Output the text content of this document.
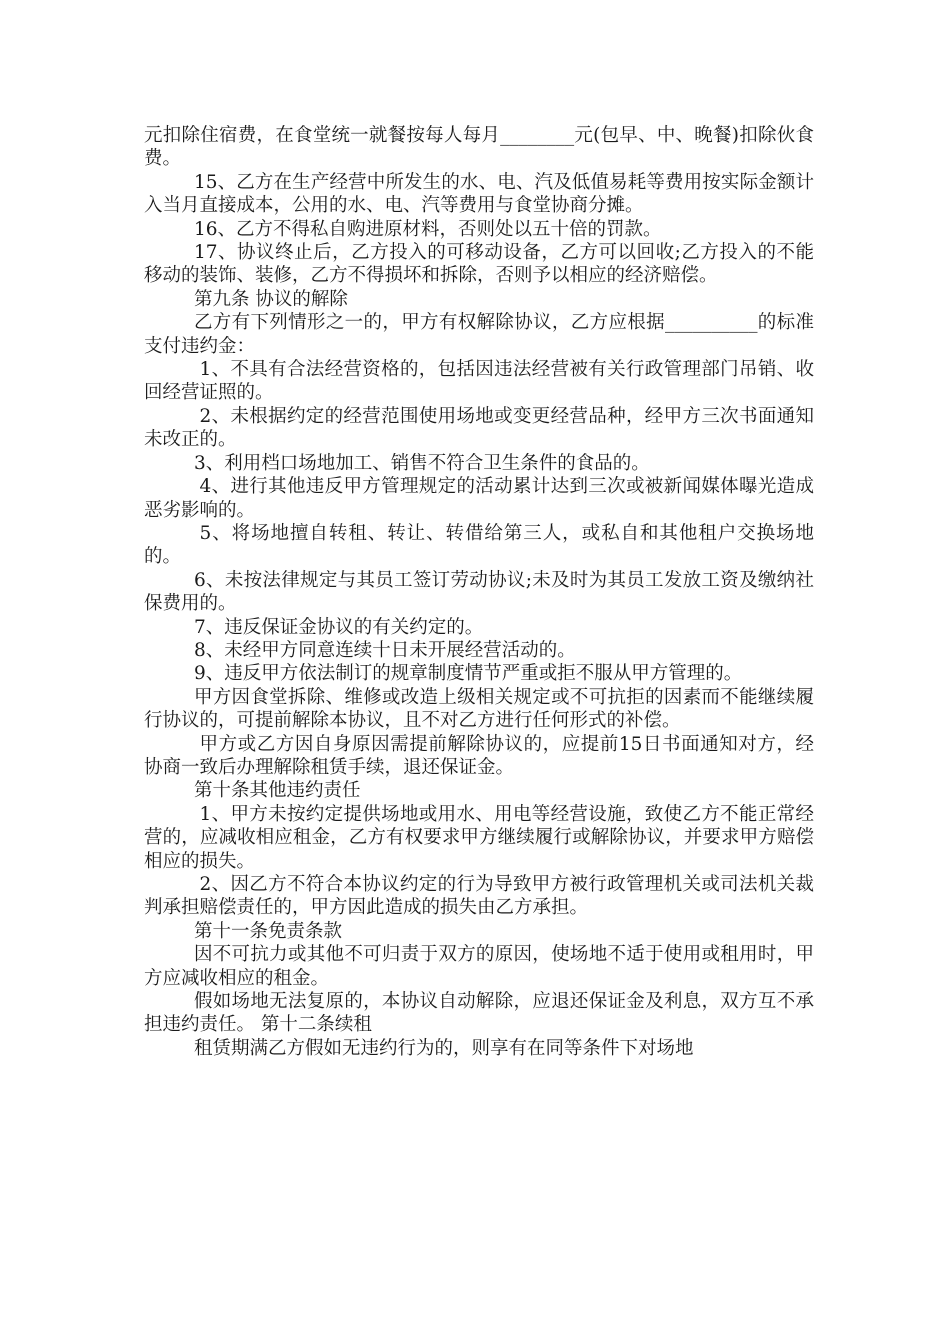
元扣除住宿费，在食堂统一就餐按每人每月________元(包早、中、晚餐)扣除伙食费。

15、乙方在生产经营中所发生的水、电、汽及低值易耗等费用按实际金额计入当月直接成本，公用的水、电、汽等费用与食堂协商分摊。

16、乙方不得私自购进原材料，否则处以五十倍的罚款。

17、协议终止后，乙方投入的可移动设备，乙方可以回收;乙方投入的不能移动的装饰、装修，乙方不得损坏和拆除，否则予以相应的经济赔偿。

第九条 协议的解除

乙方有下列情形之一的，甲方有权解除协议，乙方应根据__________的标准支付违约金：

1、不具有合法经营资格的，包括因违法经营被有关行政管理部门吊销、收回经营证照的。

2、未根据约定的经营范围使用场地或变更经营品种，经甲方三次书面通知未改正的。

3、利用档口场地加工、销售不符合卫生条件的食品的。

4、进行其他违反甲方管理规定的活动累计达到三次或被新闻媒体曝光造成恶劣影响的。

5、将场地擅自转租、转让、转借给第三人，或私自和其他租户交换场地的。

6、未按法律规定与其员工签订劳动协议;未及时为其员工发放工资及缴纳社保费用的。

7、违反保证金协议的有关约定的。

8、未经甲方同意连续十日未开展经营活动的。

9、违反甲方依法制订的规章制度情节严重或拒不服从甲方管理的。

甲方因食堂拆除、维修或改造上级相关规定或不可抗拒的因素而不能继续履行协议的，可提前解除本协议，且不对乙方进行任何形式的补偿。

甲方或乙方因自身原因需提前解除协议的，应提前15日书面通知对方，经协商一致后办理解除租赁手续，退还保证金。

第十条其他违约责任

1、甲方未按约定提供场地或用水、用电等经营设施，致使乙方不能正常经营的，应减收相应租金，乙方有权要求甲方继续履行或解除协议，并要求甲方赔偿相应的损失。

2、因乙方不符合本协议约定的行为导致甲方被行政管理机关或司法机关裁判承担赔偿责任的，甲方因此造成的损失由乙方承担。

第十一条免责条款

因不可抗力或其他不可归责于双方的原因，使场地不适于使用或租用时，甲方应减收相应的租金。

假如场地无法复原的，本协议自动解除，应退还保证金及利息，双方互不承担违约责任。 第十二条续租

租赁期满乙方假如无违约行为的，则享有在同等条件下对场地
